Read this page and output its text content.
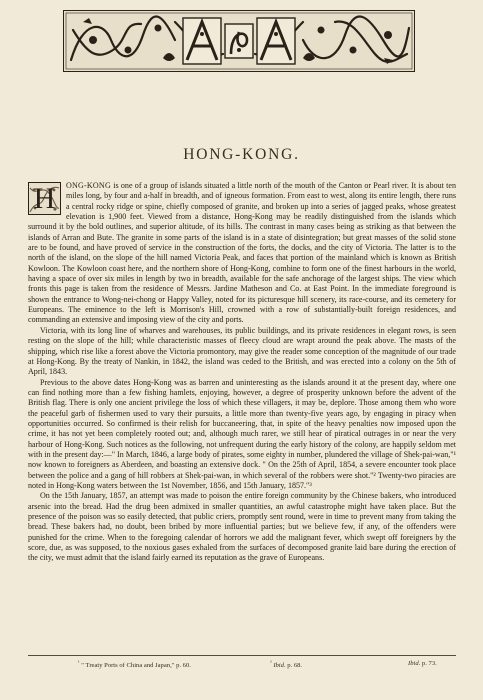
HONG-KONG.

H	ONG-KONG is one of a group of islands situated a little north of the mouth of the Canton or Pearl river. It is about ten miles long, by four and a-half in breadth, and of igneous formation. From east to west, along its entire length, there runs a central rocky ridge or spine, chiefly composed of granite, and broken up into a series of jagged peaks, whose greatest elevation is 1,900 feet. Viewed from a distance, Hong-Kong may be readily distinguished from the islands which surround it by the bold outlines, and superior altitude, of its hills. The contrast in many cases being as striking as that between the islands of Arran and Bute. The granite in some parts of the island is in a state of disintegration; but great masses of the solid stone are to be found, and have proved of service in the construction of the forts, the docks, and the city of Victoria. The latter is to the north of the island, on the slope of the hill named Victoria Peak, and faces that portion of the mainland which is known as British Kowloon. The Kowloon coast here, and the northern shore of Hong-Kong, combine to form one of the finest harbours in the world, having a space of over six miles in length by two in breadth, available for the safe anchorage of the largest ships. The view which fronts this page is taken from the residence of Messrs. Jardine Matheson and Co. at East Point. In the immediate foreground is shown the entrance to Wong-nei-chong or Happy Valley, noted for its picturesque hill scenery, its race-course, and its cemetery for Europeans. The eminence to the left is Morrison's Hill, crowned with a row of substantially-built foreign residences, and commanding an extensive and imposing view of the city and ports.

Victoria, with its long line of wharves and warehouses, its public buildings, and its private residences in elegant rows, is seen resting on the slope of the hill; while characteristic masses of fleecy cloud are wrapt around the peak above. The masts of the shipping, which rise like a forest above the Victoria promontory, may give the reader some conception of the magnitude of our trade at Hong-Kong. By the treaty of Nankin, in 1842, the island was ceded to the British, and was erected into a colony on the 5th of April, 1843.

Previous to the above dates Hong-Kong was as barren and uninteresting as the islands around it at the present day, where one can find nothing more than a few fishing hamlets, enjoying, however, a degree of prosperity unknown before the advent of the British flag. There is only one ancient privilege the loss of which these villagers, it may be, deplore. Those among them who wore the peaceful garb of fishermen used to vary their pursuits, a little more than twenty-five years ago, by engaging in piracy when opportunities occurred. So confirmed is their relish for buccaneering, that, in spite of the heavy penalties now imposed upon the crime, it has not yet been completely rooted out; and, although much rarer, we still hear of piratical outrages in or near the very harbour of Hong-Kong. Such notices as the following, not unfrequent during the early history of the colony, are happily seldom met with in the present day:—" In March, 1846, a large body of pirates, some eighty in number, plundered the village of Shek-pai-wan,"¹ now known to foreigners as Aberdeen, and boasting an extensive dock. " On the 25th of April, 1854, a severe encounter took place between the police and a gang of hill robbers at Shek-pai-wan, in which several of the robbers were shot."² Twenty-two piracies are noted in Hong-Kong waters between the 1st November, 1856, and 15th January, 1857."³

On the 15th January, 1857, an attempt was made to poison the entire foreign community by the Chinese bakers, who introduced arsenic into the bread. Had the drug been admixed in smaller quantities, an awful catastrophe might have taken place. But the presence of the poison was so easily detected, that public criers, promptly sent round, were in time to prevent many from taking the bread. These bakers had, no doubt, been bribed by more influential parties; but we believe few, if any, of the offenders were punished for the crime. When to the foregoing calendar of horrors we add the malignant fever, which swept off foreigners by the score, due, as was supposed, to the noxious gases exhaled from the surfaces of decomposed granite laid bare during the erection of the city, we must admit that the island fairly earned its reputation as the grave of Europeans.

$^{^1}$ " Treaty Ports of China and Japan," p. 60.	$^{^2}$ Ibid. p. 68.	Ibid. p. 73.
